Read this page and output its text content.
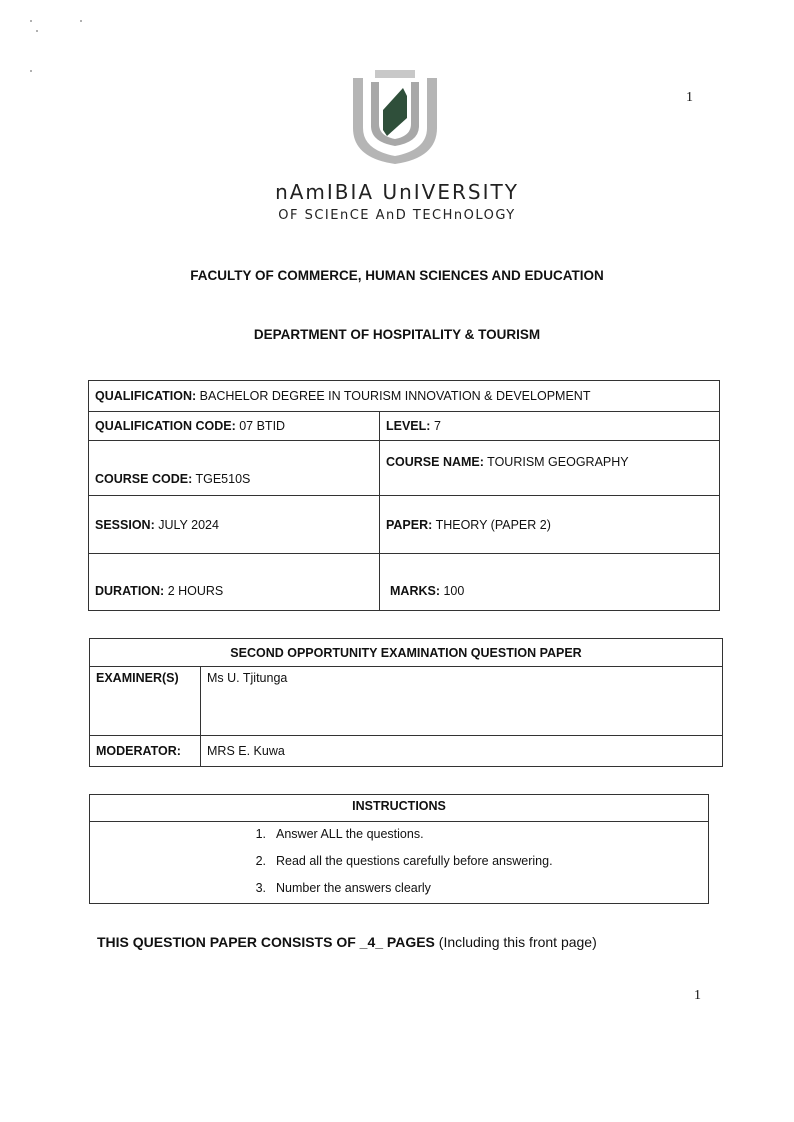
1
nAmIBIA UnIVERSITY
OF SCIEnCE AnD TECHnOLOGY
FACULTY OF COMMERCE, HUMAN SCIENCES AND EDUCATION
DEPARTMENT OF HOSPITALITY & TOURISM
QUALIFICATION: BACHELOR DEGREE IN TOURISM INNOVATION & DEVELOPMENT	
QUALIFICATION CODE: 07 BTID	LEVEL: 7
COURSE CODE: TGE510S	COURSE NAME: TOURISM GEOGRAPHY
SESSION: JULY 2024	PAPER: THEORY (PAPER 2)
DURATION: 2 HOURS	MARKS: 100
SECOND OPPORTUNITY EXAMINATION QUESTION PAPER	
EXAMINER(S)	Ms U. Tjitunga
MODERATOR:	MRS E. Kuwa
INSTRUCTIONS
1. Answer ALL the questions.
2. Read all the questions carefully before answering.
3. Number the answers clearly
THIS QUESTION PAPER CONSISTS OF _4_ PAGES (Including this front page)
1
